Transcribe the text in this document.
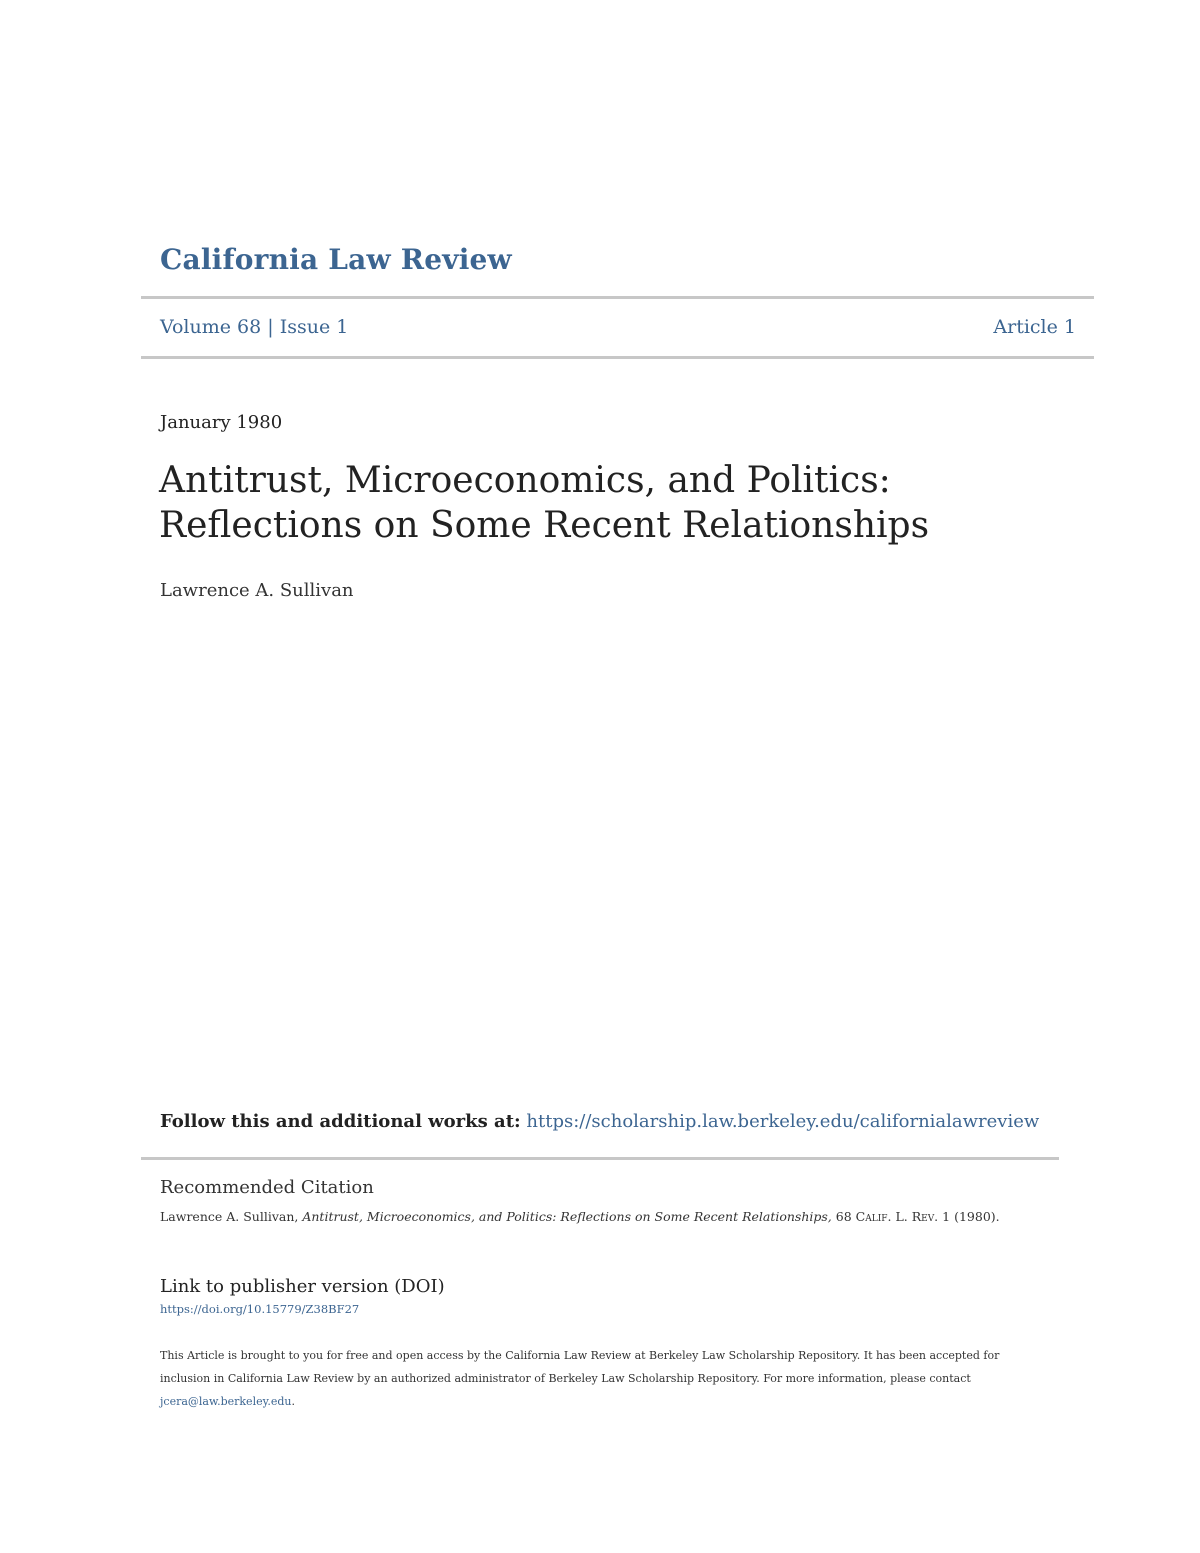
California Law Review
Volume 68 | Issue 1	Article 1
January 1980
Antitrust, Microeconomics, and Politics:
Reflections on Some Recent Relationships
Lawrence A. Sullivan
Follow this and additional works at: https://scholarship.law.berkeley.edu/californialawreview
Recommended Citation
Lawrence A. Sullivan, Antitrust, Microeconomics, and Politics: Reflections on Some Recent Relationships, 68 Calif. L. Rev. 1 (1980).
Link to publisher version (DOI)
https://doi.org/10.15779/Z38BF27
This Article is brought to you for free and open access by the California Law Review at Berkeley Law Scholarship Repository. It has been accepted for
inclusion in California Law Review by an authorized administrator of Berkeley Law Scholarship Repository. For more information, please contact
jcera@law.berkeley.edu.
